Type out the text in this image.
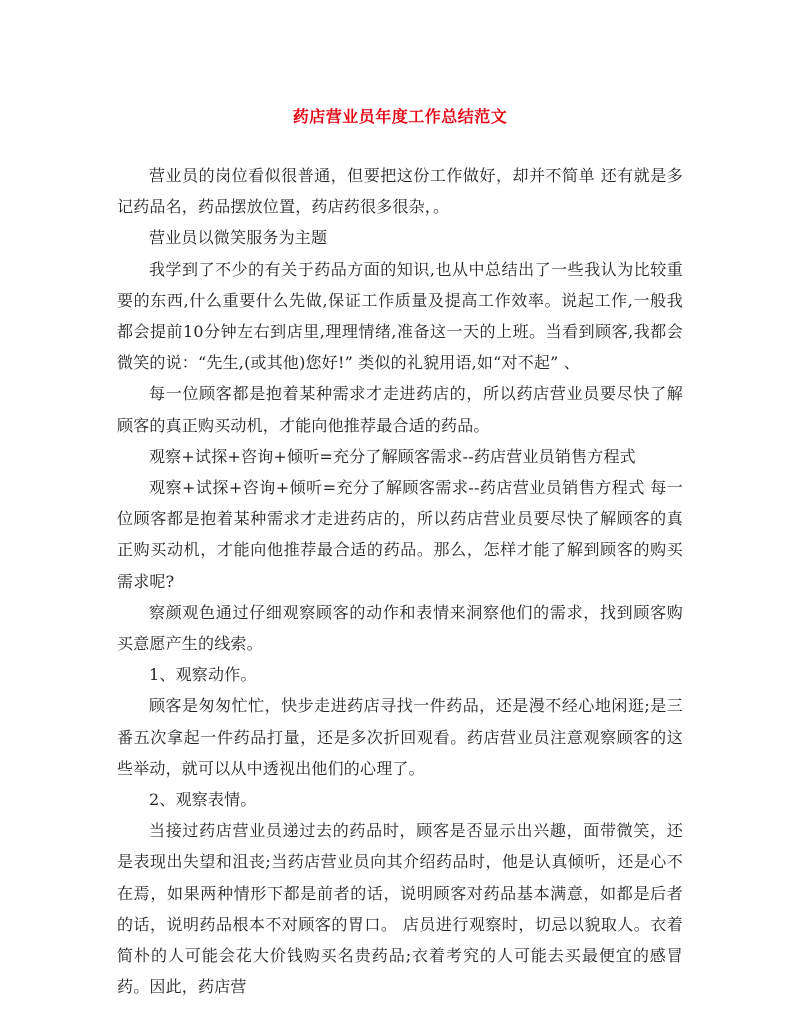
药店营业员年度工作总结范文

营业员的岗位看似很普通，但要把这份工作做好，却并不简单 还有就是多记药品名，药品摆放位置，药店药很多很杂，。

营业员以微笑服务为主题

我学到了不少的有关于药品方面的知识,也从中总结出了一些我认为比较重要的东西,什么重要什么先做,保证工作质量及提高工作效率。说起工作,一般我都会提前10分钟左右到店里,理理情绪,准备这一天的上班。当看到顾客,我都会微笑的说：“先生,(或其他)您好!” 类似的礼貌用语,如“对不起” 、

每一位顾客都是抱着某种需求才走进药店的，所以药店营业员要尽快了解顾客的真正购买动机，才能向他推荐最合适的药品。

观察+试探+咨询+倾听=充分了解顾客需求--药店营业员销售方程式

观察+试探+咨询+倾听=充分了解顾客需求--药店营业员销售方程式 每一位顾客都是抱着某种需求才走进药店的，所以药店营业员要尽快了解顾客的真正购买动机，才能向他推荐最合适的药品。那么，怎样才能了解到顾客的购买需求呢?

察颜观色通过仔细观察顾客的动作和表情来洞察他们的需求，找到顾客购买意愿产生的线索。

1、观察动作。

顾客是匆匆忙忙，快步走进药店寻找一件药品，还是漫不经心地闲逛;是三番五次拿起一件药品打量，还是多次折回观看。药店营业员注意观察顾客的这些举动，就可以从中透视出他们的心理了。

2、观察表情。

当接过药店营业员递过去的药品时，顾客是否显示出兴趣，面带微笑，还是表现出失望和沮丧;当药店营业员向其介绍药品时，他是认真倾听，还是心不在焉，如果两种情形下都是前者的话，说明顾客对药品基本满意，如都是后者的话，说明药品根本不对顾客的胃口。 店员进行观察时，切忌以貌取人。衣着简朴的人可能会花大价钱购买名贵药品;衣着考究的人可能去买最便宜的感冒药。因此，药店营
